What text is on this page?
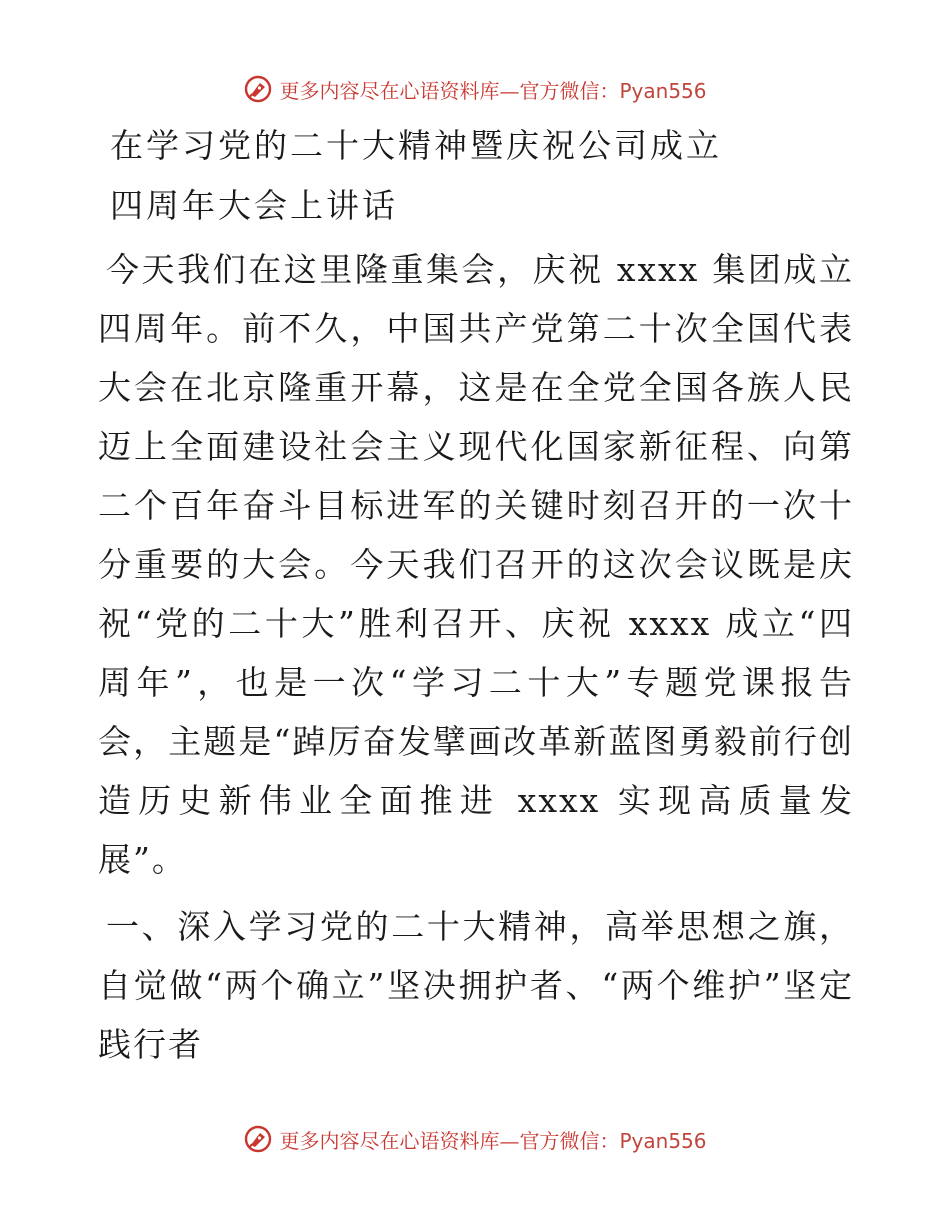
更多内容尽在心语资料库—官方微信：Pyan556
在学习党的二十大精神暨庆祝公司成立
四周年大会上讲话

今天我们在这里隆重集会，庆祝 xxxx 集团成立四周年。前不久，中国共产党第二十次全国代表大会在北京隆重开幕，这是在全党全国各族人民迈上全面建设社会主义现代化国家新征程、向第二个百年奋斗目标进军的关键时刻召开的一次十分重要的大会。今天我们召开的这次会议既是庆祝“党的二十大”胜利召开、庆祝 xxxx 成立“四周年”，也是一次“学习二十大”专题党课报告会，主题是“踔厉奋发擘画改革新蓝图勇毅前行创造历史新伟业全面推进 xxxx 实现高质量发展”。

一、深入学习党的二十大精神，高举思想之旗，自觉做“两个确立”坚决拥护者、“两个维护”坚定践行者

更多内容尽在心语资料库—官方微信：Pyan556
